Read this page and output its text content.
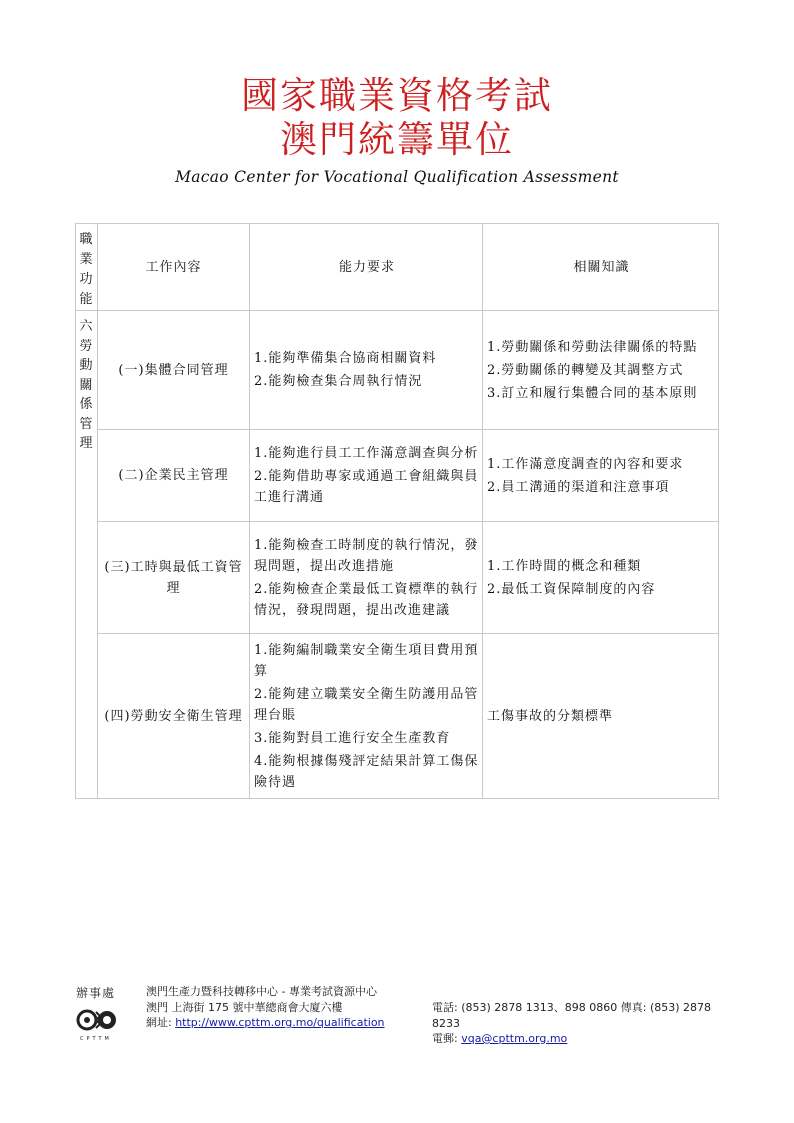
國家職業資格考試
澳門統籌單位
Macao Center for Vocational Qualification Assessment
職業功能	工作內容	能力要求	相關知識

六 勞動關係管理	(一)集體合同管理	1.能夠準備集合協商相關資料
2.能夠檢查集合周執行情況	1.勞動關係和勞動法律關係的特點
2.勞動關係的轉變及其調整方式
3.訂立和履行集體合同的基本原則

	(二)企業民主管理	1.能夠進行員工工作滿意調查與分析
2.能夠借助專家或通過工會組織與員工進行溝通	1.工作滿意度調查的內容和要求
2.員工溝通的渠道和注意事項

	(三)工時與最低工資管理	1.能夠檢查工時制度的執行情況，發現問題，提出改進措施
2.能夠檢查企業最低工資標準的執行情況，發現問題，提出改進建議	1.工作時間的概念和種類
2.最低工資保障制度的內容

	(四)勞動安全衛生管理	1.能夠編制職業安全衛生項目費用預算
2.能夠建立職業安全衛生防護用品管理台賬
3.能夠對員工進行安全生產教育
4.能夠根據傷殘評定結果計算工傷保險待遇	工傷事故的分類標準
辦事處
CPTTM
澳門生產力暨科技轉移中心 - 專業考試資源中心
澳門 上海街 175 號中華總商會大廈六樓
網址: http://www.cpttm.org.mo/qualification
電話: (853) 2878 1313、898 0860 傳真: (853) 2878 8233
電郵: vqa@cpttm.org.mo
